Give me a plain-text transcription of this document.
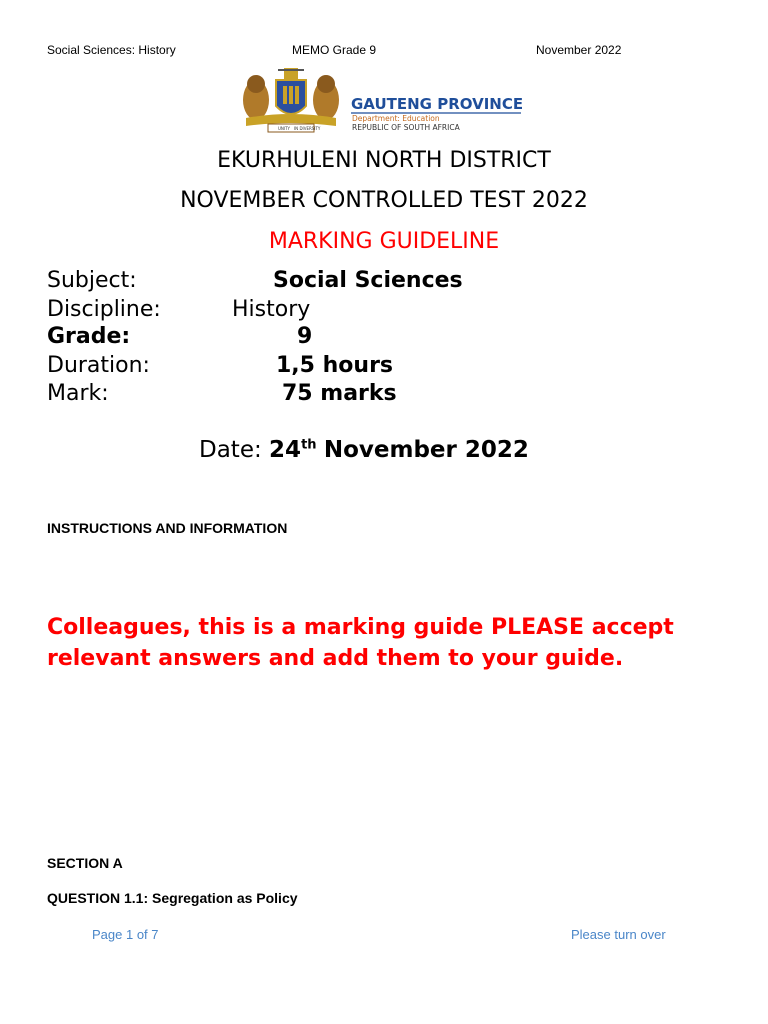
Social Sciences: History	MEMO Grade 9	November 2022
UNITY IN DIVERSITY
GAUTENG PROVINCE
Department: Education
REPUBLIC OF SOUTH AFRICA
EKURHULENI NORTH DISTRICT
NOVEMBER CONTROLLED TEST 2022
MARKING GUIDELINE
Subject:	Social Sciences
Discipline:	History
Grade:	9
Duration:	1,5 hours
Mark:	75 marks
Date: 24th November 2022
INSTRUCTIONS AND INFORMATION
Colleagues, this is a marking guide PLEASE accept relevant answers and add them to your guide.
SECTION A
QUESTION 1.1: Segregation as Policy
Page 1 of 7	Please turn over
